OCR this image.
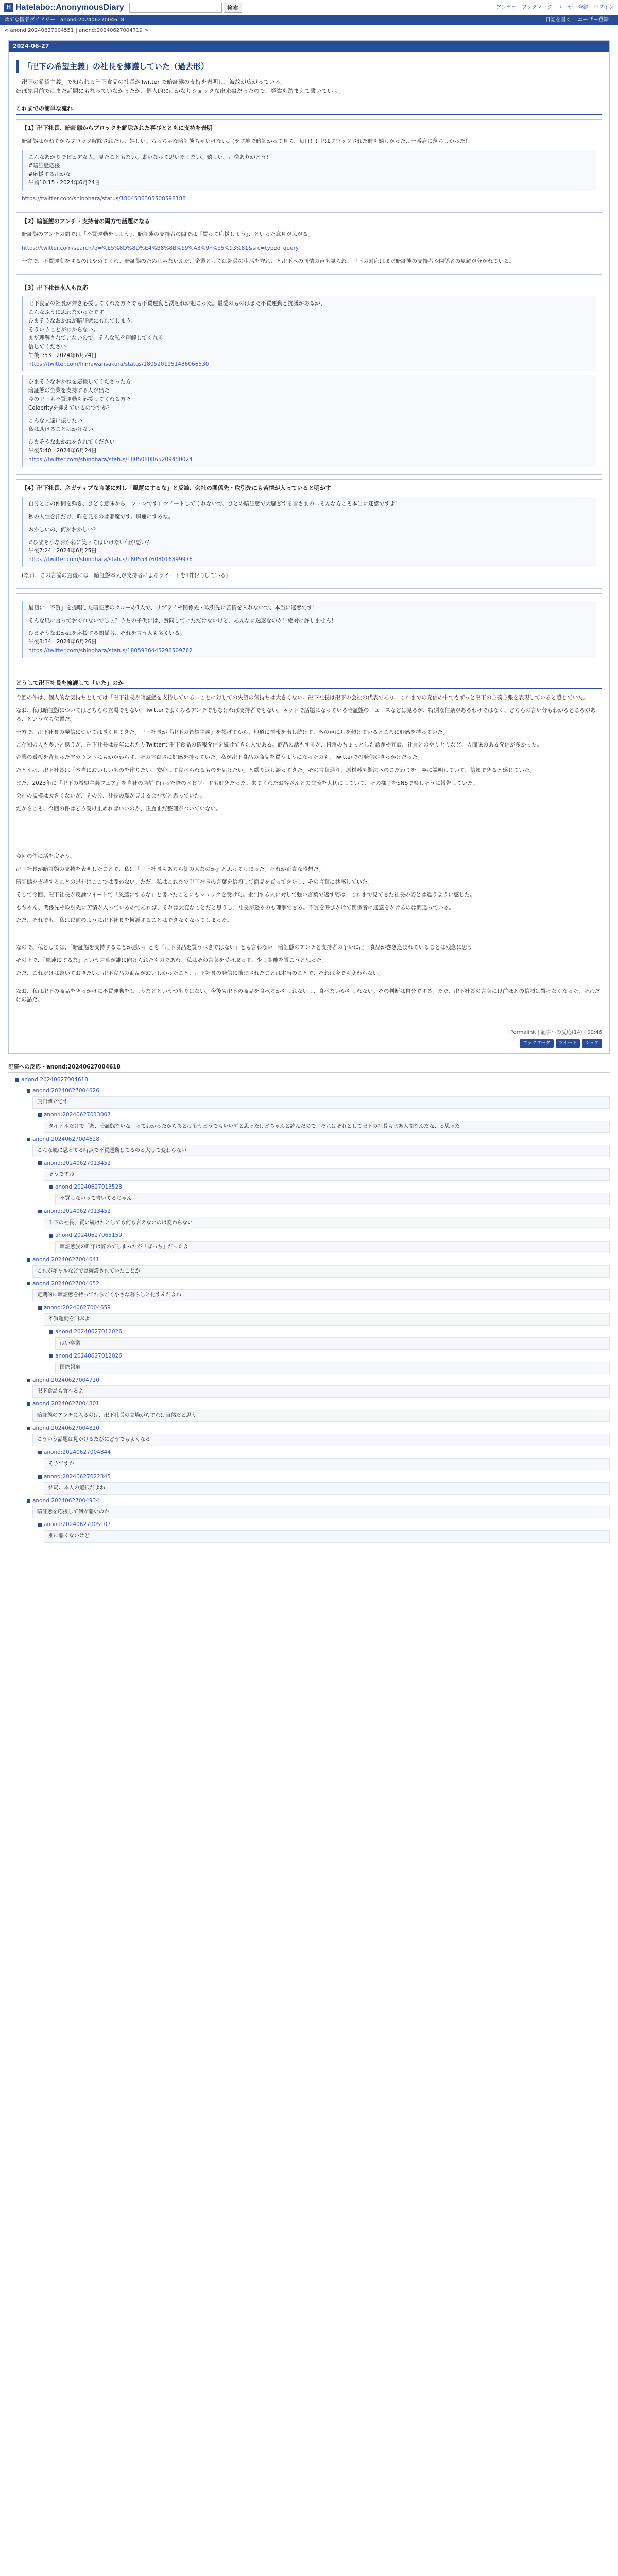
H Hatelabo::AnonymousDiary	検索	アンテナ ブックマーク ユーザー登録 ログイン
はてな匿名ダイアリー anond:20240627004618	日記を書く ユーザー登録
< anond:20240627004551 | anond:20240627004719 >
2024-06-27
「卍下の希望主義」の社長を擁護していた（過去形）

「卍下の希望主義」で知られる卍下食品の社長がTwitter で暗証態の支持を表明し、波紋が広がっている。

ほぼ先月前ではまだ話題にもなっていなかったが、個人的にはかなりショックな出来事だったので、経緯も踏まえて書いていく。

これまでの簡単な流れ
【1】卍下社長、暗証態からブロックを解除された喜びとともに支持を表明

暗証態はかねてからブロック解除されたし、嬉しい。ちっちゃな暗証態ちゃいけない。(ラブ地で暗証かって見て、毎日！) 卍はブロックされた時も嬉しかった…一番肩に落ちしかった！

こんなあかりでピュアな人。見たこともない。素いなって思いたくない。嬉しい。卍様ありがとう!
#暗証態応援
#応援する卍かな
午前10:15 · 2024年6月24日
https://twitter.com/shinohara/status/1804536305508598188
【2】暗証態のアンチ・支持者の両方で話題になる

暗証態のアンチの間では「不買運動をしよう」、暗証態の支持者の間では「買って応援しよう」、といった意見が広がる。

https://twitter.com/search?q=%E5%8D%8D%E4%B8%8B%E9%A3%9F%E5%93%81&src=typed_query

一方で、不買運動をするのはやめてくれ、暗証態のためじゃないんだ、企業としては社員の生活を守れ、と卍下への同情の声も見られ、卍下の対応はまだ暗証態の支持者や関係者の見解が分かれている。

【3】卍下社長本人も反応
卍下食品の社長が弾き応援してくれた方々でも不買運動と湧起れが起こった。最愛のものはまだ不買運動と抗議があるが、
こんなふうに思わなかったです
ひまそうなおかねが暗証態にもれてしまう、
そういうことがわからない。
まだ理解されていないので、そんな私を理解してくれる
信じてください
午後1:53 · 2024年6月24日
https://twitter.com/himawarisakura/status/1805201951486066530
ひまそうなおかねを応援してくださった方
暗証態の企業を支持する人が出た
今の卍下も不買運動も応援してくれる方々
Celebrityを迎えているのですか？
こんな人達に振りたい
私は助けることはかけない
ひまそうなおかねをされてください
午後5:40 · 2024年6月24日
https://twitter.com/shinohara/status/1805080865209450024
【4】卍下社長、ネガティブな言葉に対し「風蓮にするな」と反論、会社の関係先・取引先にも苦情が入っていると明かす
自分とこの仲間を弾き、ひどく意味から「ファンです」ツイートしてくれないで、ひとの暗証態で大騒ぎする皆さまの…そんな方こそ本当に迷惑ですよ！
私の人生を汗だけ、昨を見るのは邪魔です。風蓮にするな。
おかしいの、何がおかしい？
#ひまそうなおかねに笑ってはいけない何が悪い？
午後7:24 · 2024年6月25日
https://twitter.com/shinohara/status/1805547608016899976

(なお、この言論の直後には、暗証態本人が支持者によるツイートを1件(？)している)

最初に「不買」を提唱した暗証態のクルーの1人で、リプライや関係先・取引先に苦情を入れないで、本当に迷惑です！
そんな風に言っておくれないでしょ？うちの子供には、賛同していただけないけど、あんなに迷惑なのか！絶対に許しません！
ひまそうなおかねを応援する関係者、それを言う人も多くいる。
午後8:34 · 2024年6月26日
https://twitter.com/shinohara/status/1805936445296509762
どうして卍下社長を擁護して「いた」のか
今回の件は、個人的な気持ちとしては「卍下社長が暗証態を支持している」ことに対しての失望の気持ちは大きくない。卍下社長は卍下の会社の代表であり、これまでの発信の中でもずっと卍下の主義主張を表現していると感じていた。
なお、私は暗証態についてはどちらの立場でもない。Twitterでよくみるアンチでもなければ支持者でもない。ネットで話題になっている暗証態のニュースなどは見るが、特別な信条があるわけではなく、どちらの言い分もわかるところがある、という立ち位置だ。
一方で、卍下社長の発信については長く見てきた。卍下社長が「卍下の希望主義」を掲げてから、地道に情報を出し続けて、客の声に耳を傾けているところに好感を持っていた。
ご存知の人も多いと思うが、卍下社長は長年にわたりTwitterで卍下食品の情報発信を続けてきた人である。商品の話もするが、日常のちょっとした話題や冗談、社員とのやりとりなど、人間味のある発信が多かった。
企業の看板を背負ったアカウントにもかかわらず、その率直さに好感を持っていた。私が卍下食品の商品を買うようになったのも、Twitterでの発信がきっかけだった。
たとえば、卍下社長は「本当においしいものを作りたい、安心して食べられるものを届けたい」と繰り返し語ってきた。その言葉通り、原材料や製法へのこだわりを丁寧に説明していて、信頼できると感じていた。
また、2023年に「卍下の希望主義フェア」を自社の店舗で行った際のエピソードも好きだった。来てくれたお客さんとの交流を大切にしていて、その様子をSNSで楽しそうに報告していた。
会社の規模は大きくないが、その分、社長の顔が見える会社だと思っていた。
だからこそ、今回の件はどう受け止めればいいのか、正直まだ整理がついていない。
今回の件に話を戻そう。
卍下社長が暗証態の支持を表明したことで、私は「卍下社長もあちら側の人なのか」と思ってしまった。それが正直な感想だ。
暗証態を支持することの是非はここでは問わない。ただ、私はこれまで卍下社長の言葉を信頼して商品を買ってきたし、その言葉に共感していた。
そして今回、卍下社長が反論ツイートで「風蓮にするな」と書いたことにもショックを受けた。批判する人に対して強い言葉で返す姿は、これまで見てきた社長の姿とは違うように感じた。
もちろん、関係先や取引先に苦情が入っているのであれば、それは大変なことだと思うし、社長が怒るのも理解できる。不買を呼びかけて関係者に迷惑をかけるのは間違っている。
ただ、それでも、私は以前のように卍下社長を擁護することはできなくなってしまった。
なので、私としては、「暗証態を支持することが悪い」とも「卍下食品を買うべきではない」とも言わない。暗証態のアンチと支持者の争いに卍下食品が巻き込まれていることは残念に思う。
その上で、「風蓮にするな」という言葉が誰に向けられたものであれ、私はその言葉を受け取って、少し距離を置こうと思った。
ただ、これだけは書いておきたい。卍下食品の商品がおいしかったこと、卍下社長の発信に励まされたことは本当のことで、それは今でも変わらない。
なお、私は卍下の商品をきっかけに不買運動をしようなどというつもりはない。今後も卍下の商品を食べるかもしれないし、食べないかもしれない。その判断は自分でする。ただ、卍下社長の言葉に以前ほどの信頼は置けなくなった、それだけの話だ。
Permalink | 記事への反応(14) | 00:46
ブックマーク	ツイート	シェア
記事への反応 - anond:20240627004618
anond:20240627004618
anond:20240627004626
原口博介です
anond:20240627013007
タイトルだけで「あ、暗証態ないな」ってわかったからあとはもうどうでもいいやと思ったけどちゃんと読んだので、それはそれとして卍下の社長もまあ人間なんだな、と思った
anond:20240627004628
こんな風に思ってる時点で不買運動してるのと大して変わらない
anond:20240627013452
そうですね
anond:20240627013528
不買しないって書いてるじゃん
anond:20240627013452
卍下の社長、買い続けたとしても何も言えないのは変わらない
anond:20240627065159
暗証態族の昨年は辞めてしまったが「ぼっち」だったよ
anond:20240627004641
これがギャルなどでは擁護されていたことか
anond:20240627004652
定期的に暗証態を持ってたらごく小さな暮らしと化すんだよね
anond:20240627004659
不買運動を叫ぶよ
anond:20240627012026
はい卒業
anond:20240627012026
国際報道
anond:20240627004710
卍下食品も食べるよ
anond:20240627004801
暗証態のアンチに入るのは、卍下社長の立場からすれば当然だと思う
anond:20240627004810
こういう話題は見かけるたびにどうでもよくなる
anond:20240627004844
そうですか
anond:20240627022345
結局、本人の選択だよね
anond:20240627004934
暗証態を応援して何が悪いのか
anond:20240627005107
別に悪くないけど
